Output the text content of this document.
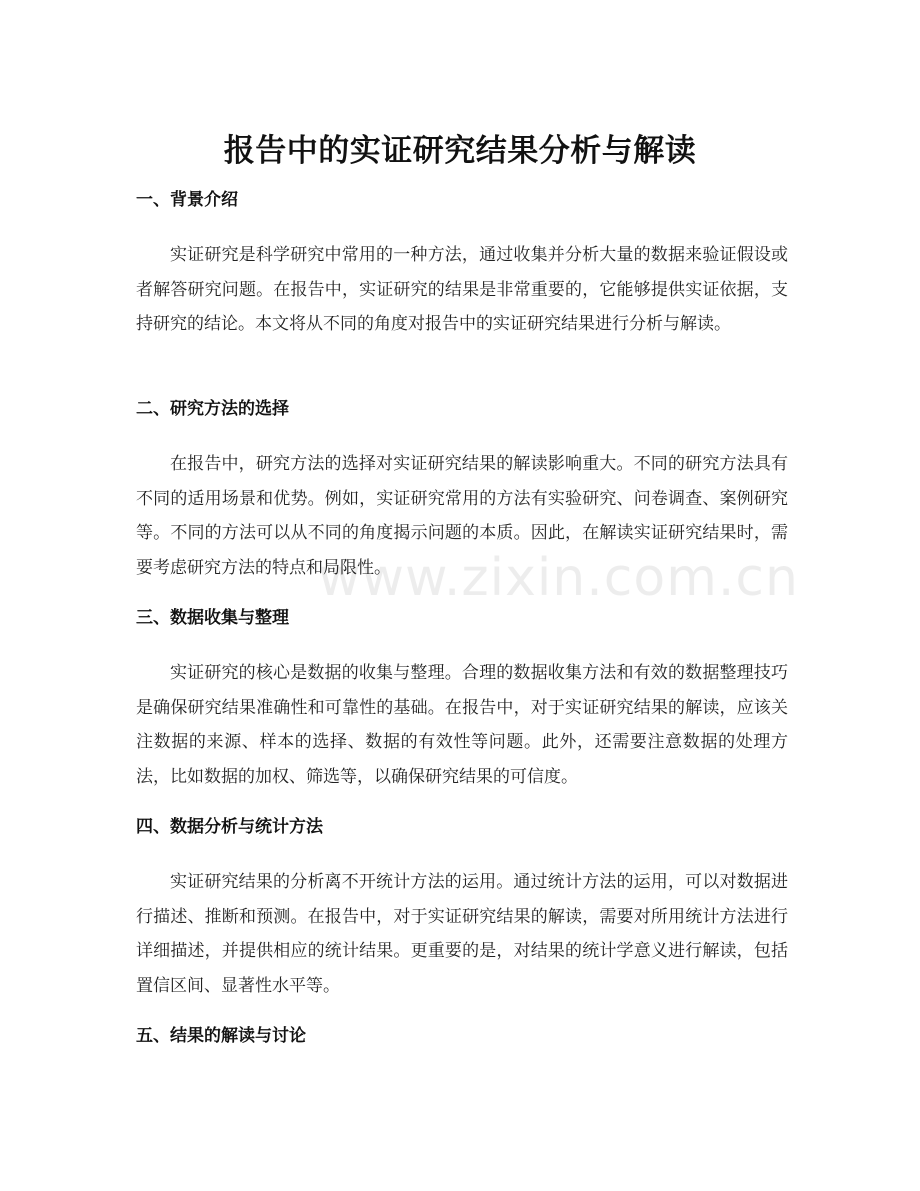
www.zixin.com.cn
报告中的实证研究结果分析与解读
一、背景介绍

实证研究是科学研究中常用的一种方法，通过收集并分析大量的数据来验证假设或者解答研究问题。在报告中，实证研究的结果是非常重要的，它能够提供实证依据，支持研究的结论。本文将从不同的角度对报告中的实证研究结果进行分析与解读。

二、研究方法的选择

在报告中，研究方法的选择对实证研究结果的解读影响重大。不同的研究方法具有不同的适用场景和优势。例如，实证研究常用的方法有实验研究、问卷调查、案例研究等。不同的方法可以从不同的角度揭示问题的本质。因此，在解读实证研究结果时，需要考虑研究方法的特点和局限性。

三、数据收集与整理

实证研究的核心是数据的收集与整理。合理的数据收集方法和有效的数据整理技巧是确保研究结果准确性和可靠性的基础。在报告中，对于实证研究结果的解读，应该关注数据的来源、样本的选择、数据的有效性等问题。此外，还需要注意数据的处理方法，比如数据的加权、筛选等，以确保研究结果的可信度。

四、数据分析与统计方法

实证研究结果的分析离不开统计方法的运用。通过统计方法的运用，可以对数据进行描述、推断和预测。在报告中，对于实证研究结果的解读，需要对所用统计方法进行详细描述，并提供相应的统计结果。更重要的是，对结果的统计学意义进行解读，包括置信区间、显著性水平等。

五、结果的解读与讨论
